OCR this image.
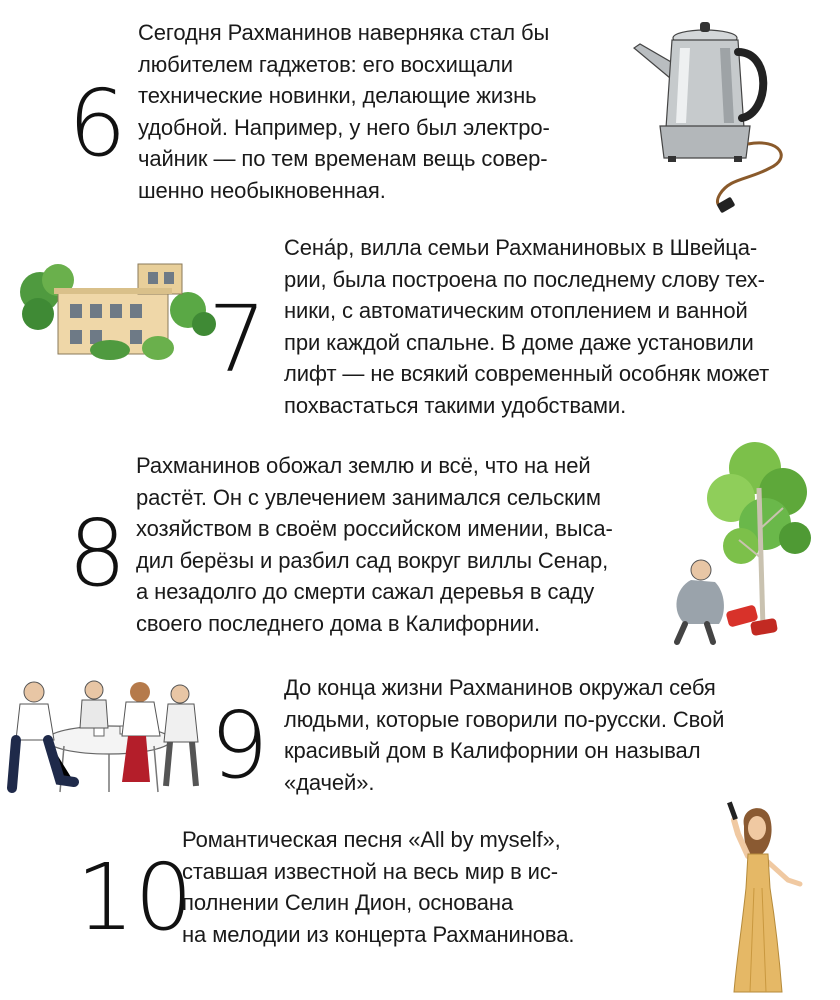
6
Сегодня Рахманинов наверняка стал бы
любителем гаджетов: его восхищали
технические новинки, делающие жизнь
удобной. Например, у него был электро-
чайник — по тем временам вещь совер-
шенно необыкновенная.
7
Сена́р, вилла семьи Рахманиновых в Швейца-
рии, была построена по последнему слову тех-
ники, с автоматическим отоплением и ванной
при каждой спальне. В доме даже установили
лифт — не всякий современный особняк может
похвастаться такими удобствами.
8
Рахманинов обожал землю и всё, что на ней
растёт. Он с увлечением занимался сельским
хозяйством в своём российском имении, выса-
дил берёзы и разбил сад вокруг виллы Сенар,
а незадолго до смерти сажал деревья в саду
своего последнего дома в Калифорнии.
9
До конца жизни Рахманинов окружал себя
людьми, которые говорили по-русски. Свой
красивый дом в Калифорнии он называл
«дачей».
10
Романтическая песня «All by myself»,
ставшая известной на весь мир в ис-
полнении Селин Дион, основана
на мелодии из концерта Рахманинова.
